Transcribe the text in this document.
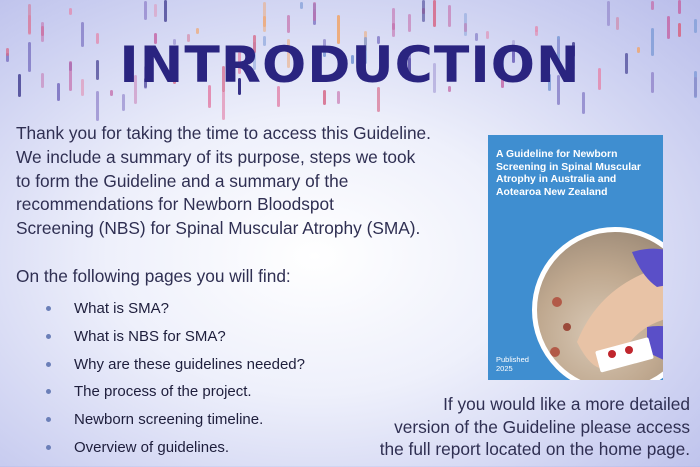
INTRODUCTION

Thank you for taking the time to access this Guideline.

We include a summary of its purpose, steps we took

to form the Guideline and a summary of the

recommendations for Newborn Bloodspot

Screening (NBS) for Spinal Muscular Atrophy (SMA).

On the following pages you will find:
What is SMA?
What is NBS for SMA?
Why are these guidelines needed?
The process of the project.
Newborn screening timeline.
Overview of guidelines.
A Guideline for Newborn Screening in Spinal Muscular Atrophy in Australia and Aotearoa New Zealand
Published
2025

If you would like a more detailed

version of the Guideline please access

the full report located on the home page.
